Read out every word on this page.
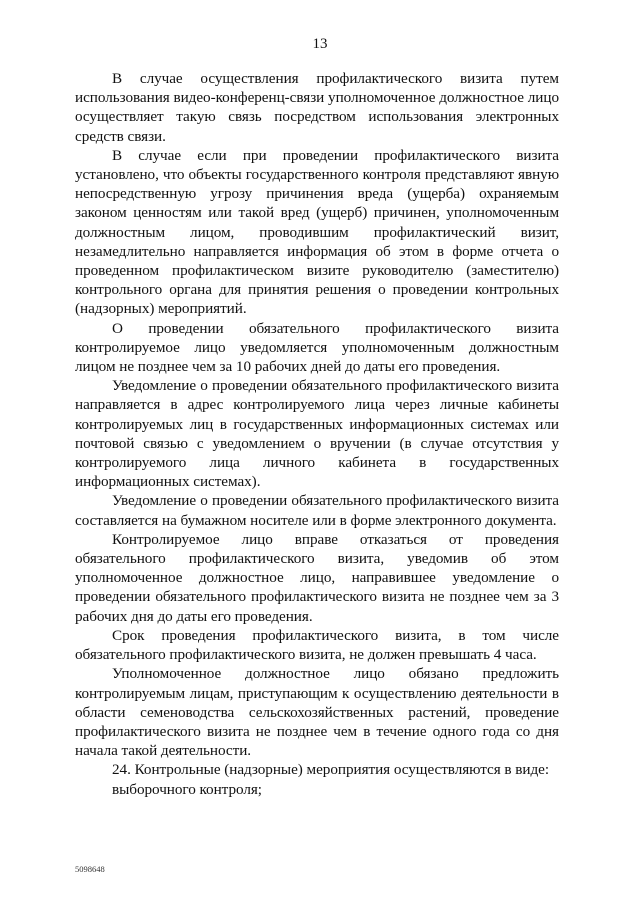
13

В случае осуществления профилактического визита путем использования видео-конференц-связи уполномоченное должностное лицо осуществляет такую связь посредством использования электронных средств связи.

В случае если при проведении профилактического визита установлено, что объекты государственного контроля представляют явную непосредственную угрозу причинения вреда (ущерба) охраняемым законом ценностям или такой вред (ущерб) причинен, уполномоченным должностным лицом, проводившим профилактический визит, незамедлительно направляется информация об этом в форме отчета о проведенном профилактическом визите руководителю (заместителю) контрольного органа для принятия решения о проведении контрольных (надзорных) мероприятий.

О проведении обязательного профилактического визита контролируемое лицо уведомляется уполномоченным должностным лицом не позднее чем за 10 рабочих дней до даты его проведения.

Уведомление о проведении обязательного профилактического визита направляется в адрес контролируемого лица через личные кабинеты контролируемых лиц в государственных информационных системах или почтовой связью с уведомлением о вручении (в случае отсутствия у контролируемого лица личного кабинета в государственных информационных системах).

Уведомление о проведении обязательного профилактического визита составляется на бумажном носителе или в форме электронного документа.

Контролируемое лицо вправе отказаться от проведения обязательного профилактического визита, уведомив об этом уполномоченное должностное лицо, направившее уведомление о проведении обязательного профилактического визита не позднее чем за 3 рабочих дня до даты его проведения.

Срок проведения профилактического визита, в том числе обязательного профилактического визита, не должен превышать 4 часа.

Уполномоченное должностное лицо обязано предложить контролируемым лицам, приступающим к осуществлению деятельности в области семеноводства сельскохозяйственных растений, проведение профилактического визита не позднее чем в течение одного года со дня начала такой деятельности.

24. Контрольные (надзорные) мероприятия осуществляются в виде:

выборочного контроля;

5098648
